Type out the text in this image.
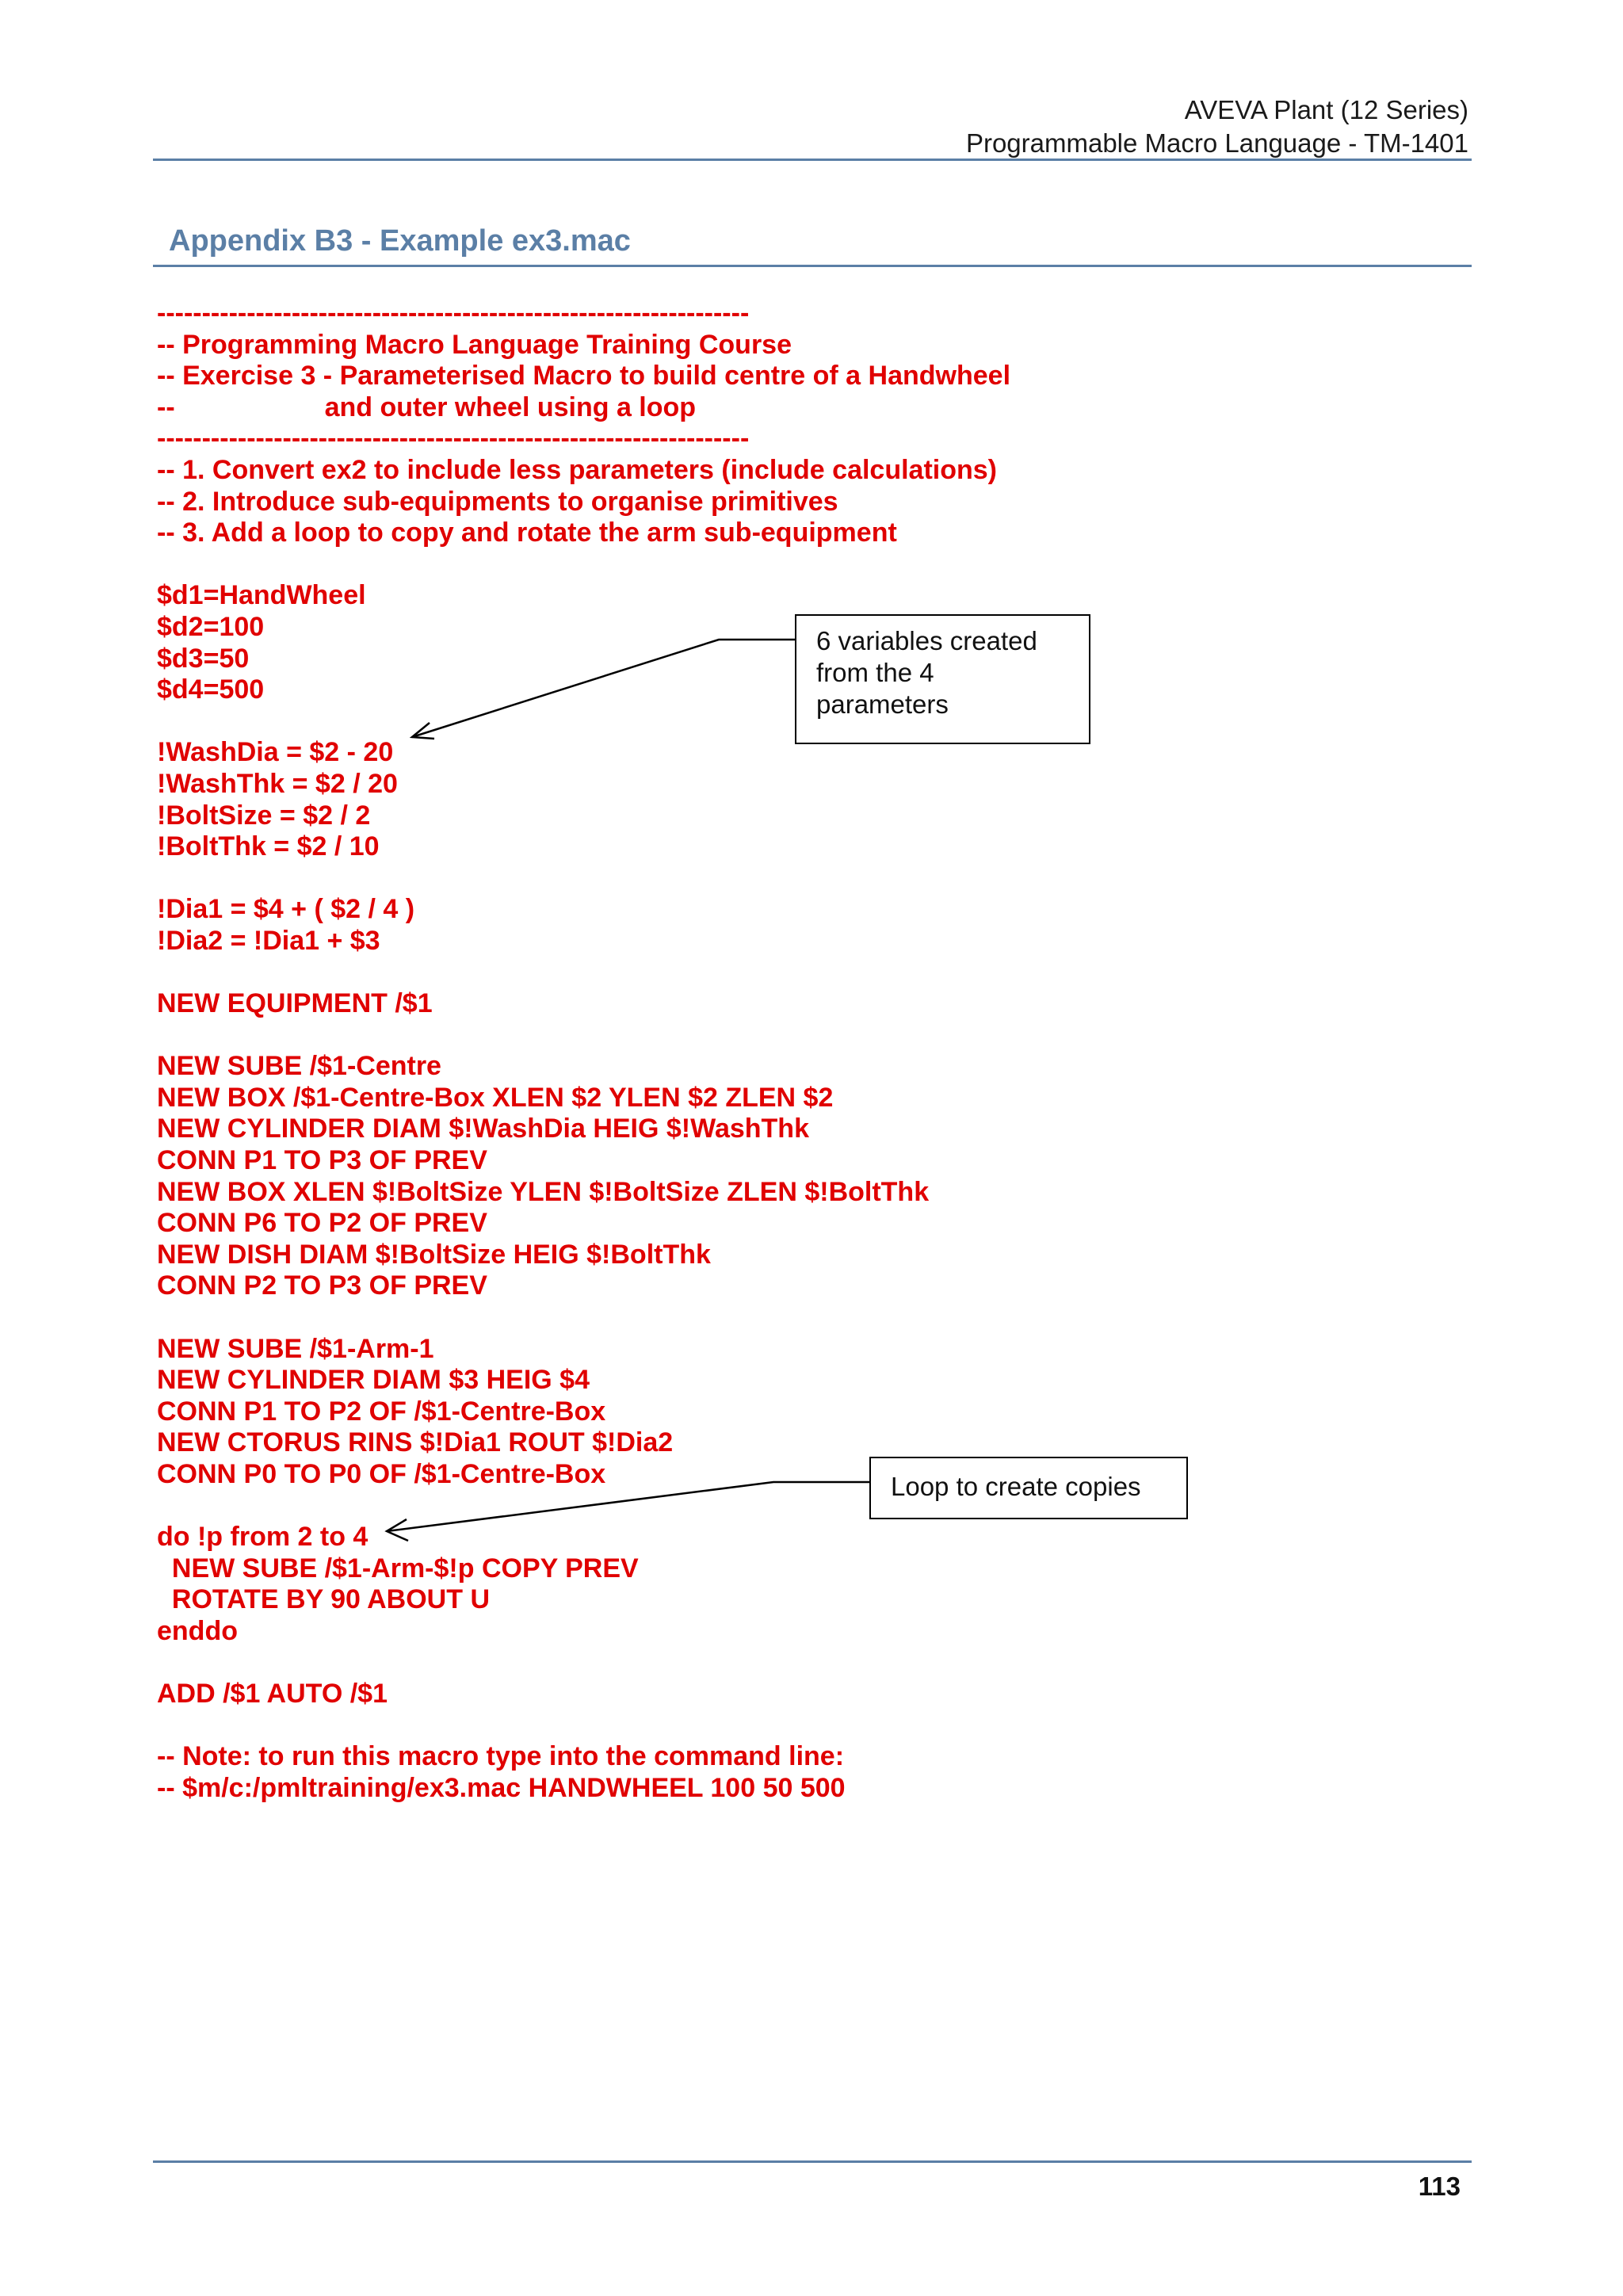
AVEVA Plant (12 Series)
Programmable Macro Language - TM-1401
Appendix B3 - Example ex3.mac
------------------------------------------------------------------
-- Programming Macro Language Training Course
-- Exercise 3 - Parameterised Macro to build centre of a Handwheel
--                    and outer wheel using a loop
------------------------------------------------------------------
-- 1. Convert ex2 to include less parameters (include calculations)
-- 2. Introduce sub-equipments to organise primitives
-- 3. Add a loop to copy and rotate the arm sub-equipment
$d1=HandWheel
$d2=100
$d3=50
$d4=500
!WashDia = $2 - 20
!WashThk = $2 / 20
!BoltSize = $2 / 2
!BoltThk = $2 / 10
!Dia1 = $4 + ( $2 / 4 )
!Dia2 = !Dia1 + $3
NEW EQUIPMENT /$1
NEW SUBE /$1-Centre
NEW BOX /$1-Centre-Box XLEN $2 YLEN $2 ZLEN $2
NEW CYLINDER DIAM $!WashDia HEIG $!WashThk
CONN P1 TO P3 OF PREV
NEW BOX XLEN $!BoltSize YLEN $!BoltSize ZLEN $!BoltThk
CONN P6 TO P2 OF PREV
NEW DISH DIAM $!BoltSize HEIG $!BoltThk
CONN P2 TO P3 OF PREV
NEW SUBE /$1-Arm-1
NEW CYLINDER DIAM $3 HEIG $4
CONN P1 TO P2 OF /$1-Centre-Box
NEW CTORUS RINS $!Dia1 ROUT $!Dia2
CONN P0 TO P0 OF /$1-Centre-Box
do !p from 2 to 4
NEW SUBE /$1-Arm-$!p COPY PREV
ROTATE BY 90 ABOUT U
enddo
ADD /$1 AUTO /$1
-- Note: to run this macro type into the command line:
-- $m/c:/pmltraining/ex3.mac HANDWHEEL 100 50 500
6 variables created
from the 4
parameters
Loop to create copies
113
